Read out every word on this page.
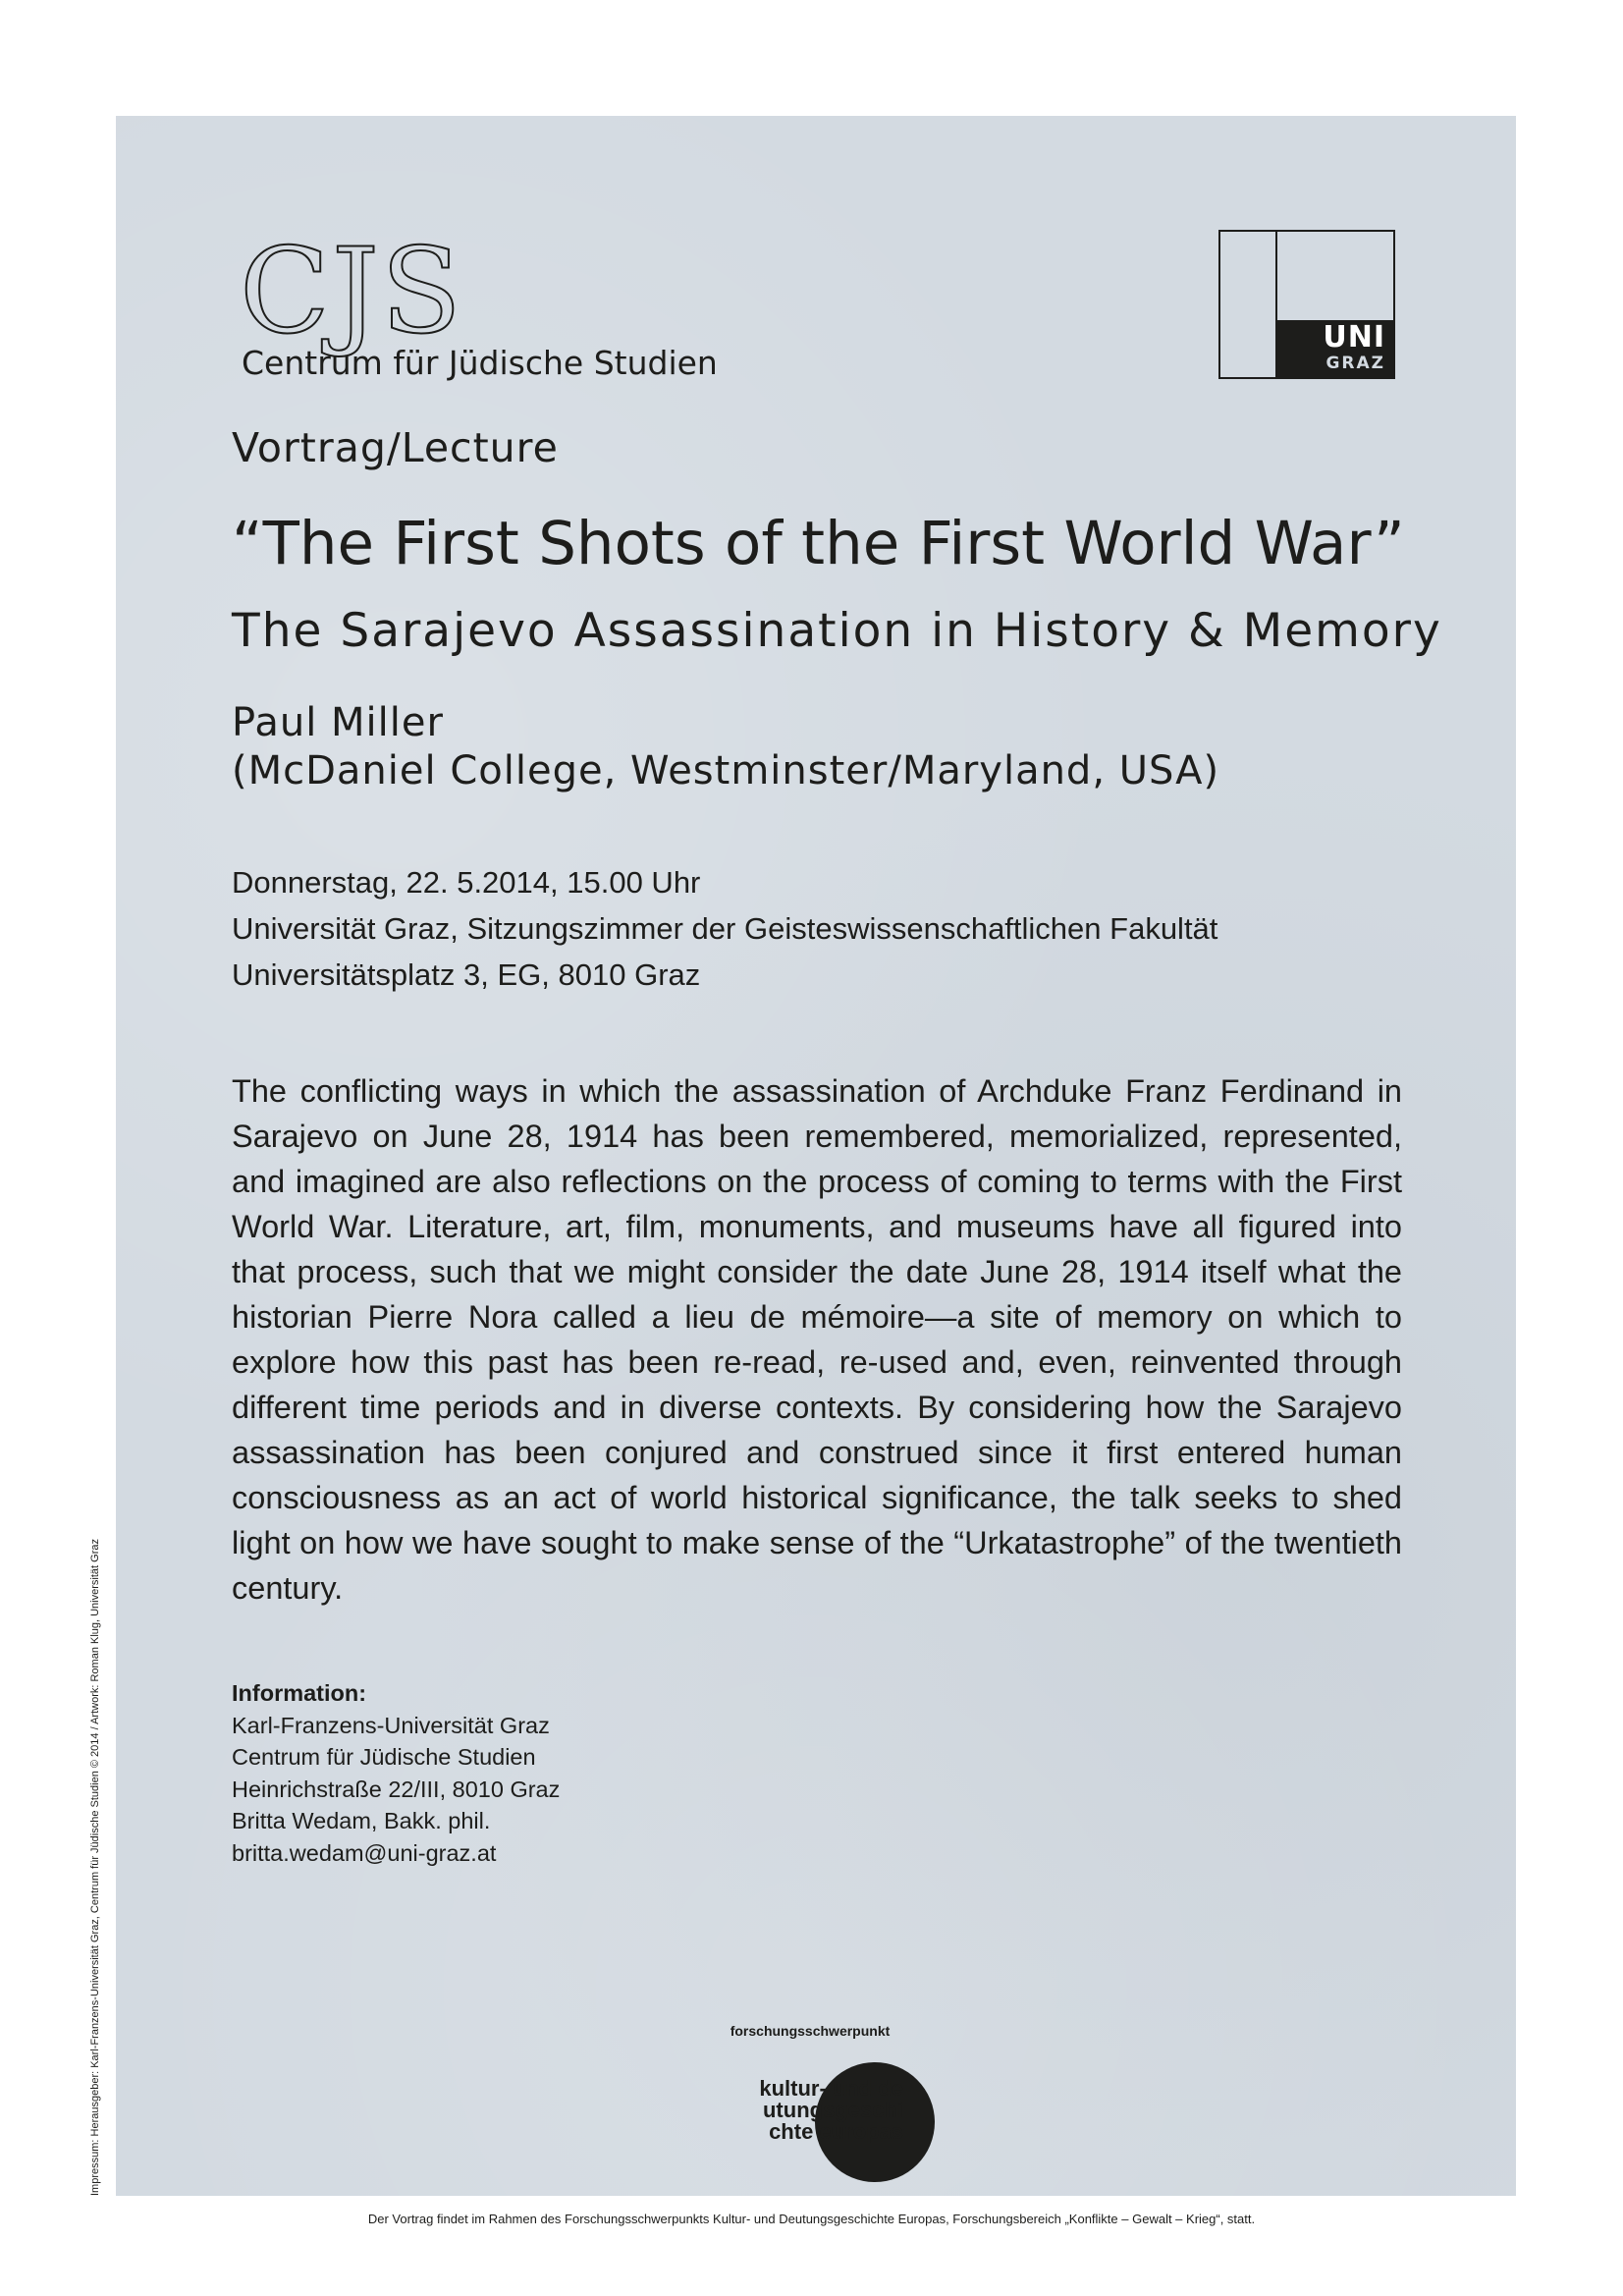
CJS
Centrum für Jüdische Studien
UNI
GRAZ
Vortrag/Lecture
“The First Shots of the First World War”
The Sarajevo Assassination in History & Memory
Paul Miller
(McDaniel College, Westminster/Maryland, USA)
Donnerstag, 22. 5.2014, 15.00 Uhr
Universität Graz, Sitzungszimmer der Geisteswissenschaftlichen Fakultät
Universitätsplatz 3, EG, 8010 Graz
The conflicting ways in which the assassination of Archduke Franz Ferdinand in Sarajevo on June 28, 1914 has been remembered, memorialized, represented, and imagined are also reflections on the process of coming to terms with the First World War. Literature, art, film, monuments, and museums have all figured into that process, such that we might consider the date June 28, 1914 itself what the historian Pierre Nora called a lieu de mémoire—a site of memory on which to explore how this past has been re-read, re-used and, even, reinvented through different time periods and in diverse contexts. By considering how the Sarajevo assassination has been conjured and construed since it first entered human consciousness as an act of world historical significance, the talk seeks to shed light on how we have sought to make sense of the “Urkatastrophe” of the twentieth century.
Information:
Karl-Franzens-Universität Graz
Centrum für Jüdische Studien
Heinrichstraße 22/III, 8010 Graz
Britta Wedam, Bakk. phil.
britta.wedam@uni-graz.at
forschungsschwerpunkt
kultur- und de
utungsgeschi
chte europas
Impressum: Herausgeber: Karl-Franzens-Universität Graz, Centrum für Jüdische Studien © 2014 / Artwork: Roman Klug, Universität Graz
Der Vortrag findet im Rahmen des Forschungsschwerpunkts Kultur- und Deutungsgeschichte Europas, Forschungsbereich „Konflikte – Gewalt – Krieg“, statt.
